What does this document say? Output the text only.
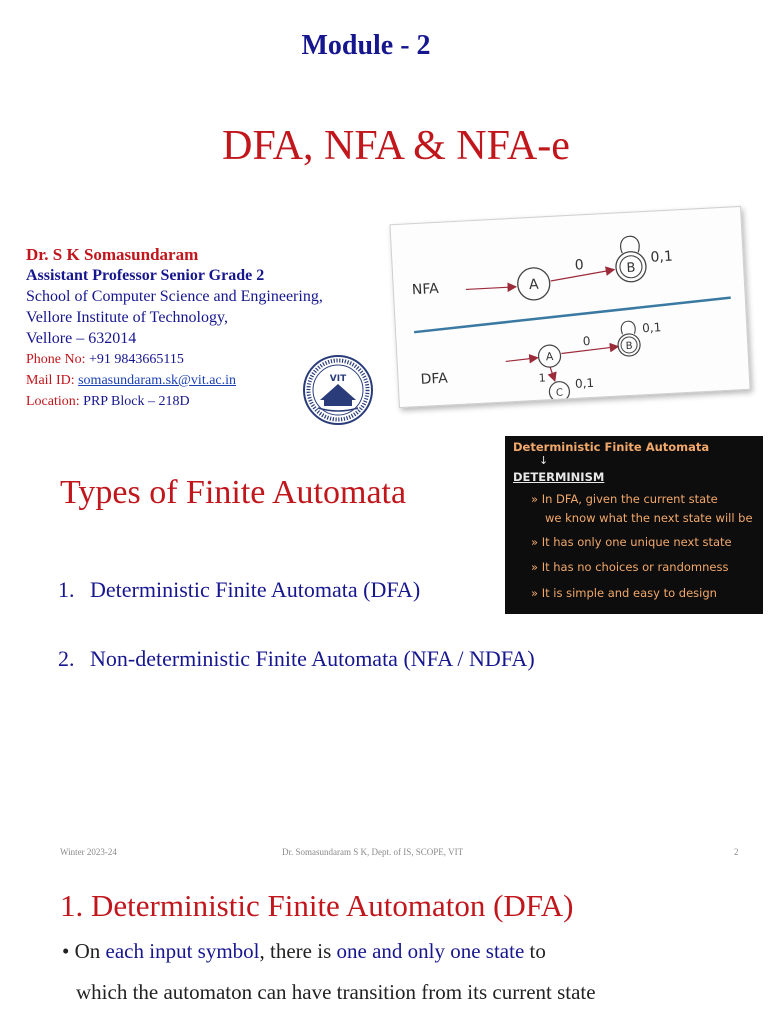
Module - 2
DFA, NFA & NFA-e
Dr. S K Somasundaram
Assistant Professor Senior Grade 2
School of Computer Science and Engineering,
Vellore Institute of Technology,
Vellore – 632014
Phone No: +91 9843665115
Mail ID: somasundaram.sk@vit.ac.in
Location: PRP Block – 218D
VIT
NFA	A
0	B
0,1
DFA
A
0	B
0,1
1
C
0,1
Types of Finite Automata
1. Deterministic Finite Automata (DFA)
2. Non-deterministic Finite Automata (NFA / NDFA)
Deterministic Finite Automata
↓
DETERMINISM
» In DFA, given the current state
we know what the next state will be
» It has only one unique next state
» It has no choices or randomness
» It is simple and easy to design
Winter 2023-24	Dr. Somasundaram S K, Dept. of IS, SCOPE, VIT	2
1. Deterministic Finite Automaton (DFA)
• On each input symbol, there is one and only one state to
which the automaton can have transition from its current state
